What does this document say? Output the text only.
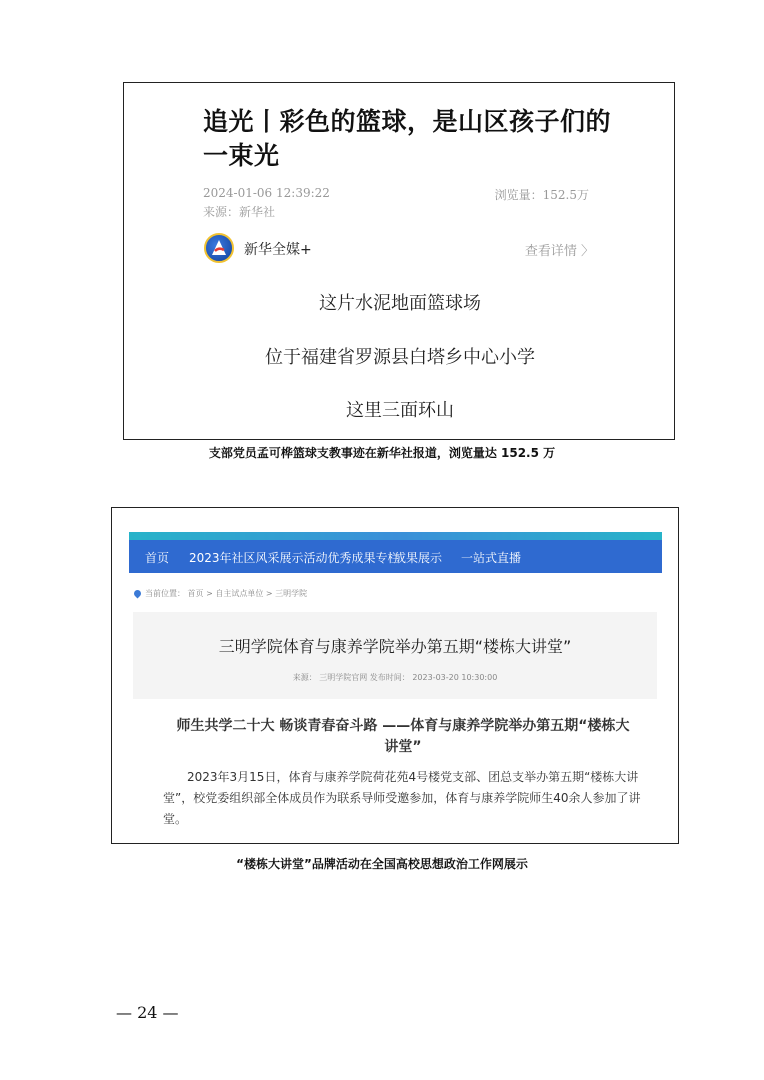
追光丨彩色的篮球，是山区孩子们的一束光
2024-01-06 12:39:22	浏览量：152.5万
来源：新华社
新华全媒+	查看详情 〉
这片水泥地面篮球场
位于福建省罗源县白塔乡中心小学
这里三面环山
支部党员孟可桦篮球支教事迹在新华社报道，浏览量达 152.5 万
首页 2023年社区风采展示活动优秀成果专栏
成果展示 一站式直播
当前位置： 首页 > 自主试点单位 > 三明学院
三明学院体育与康养学院举办第五期“楼栋大讲堂”
来源： 三明学院官网 发布时间： 2023-03-20 10:30:00
师生共学二十大 畅谈青春奋斗路 ——体育与康养学院举办第五期“楼栋大讲堂”
2023年3月15日，体育与康养学院荷花苑4号楼党支部、团总支举办第五期“楼栋大讲堂”，校党委组织部全体成员作为联系导师受邀参加，体育与康养学院师生40余人参加了讲堂。
“楼栋大讲堂”品牌活动在全国高校思想政治工作网展示
— 24 —
